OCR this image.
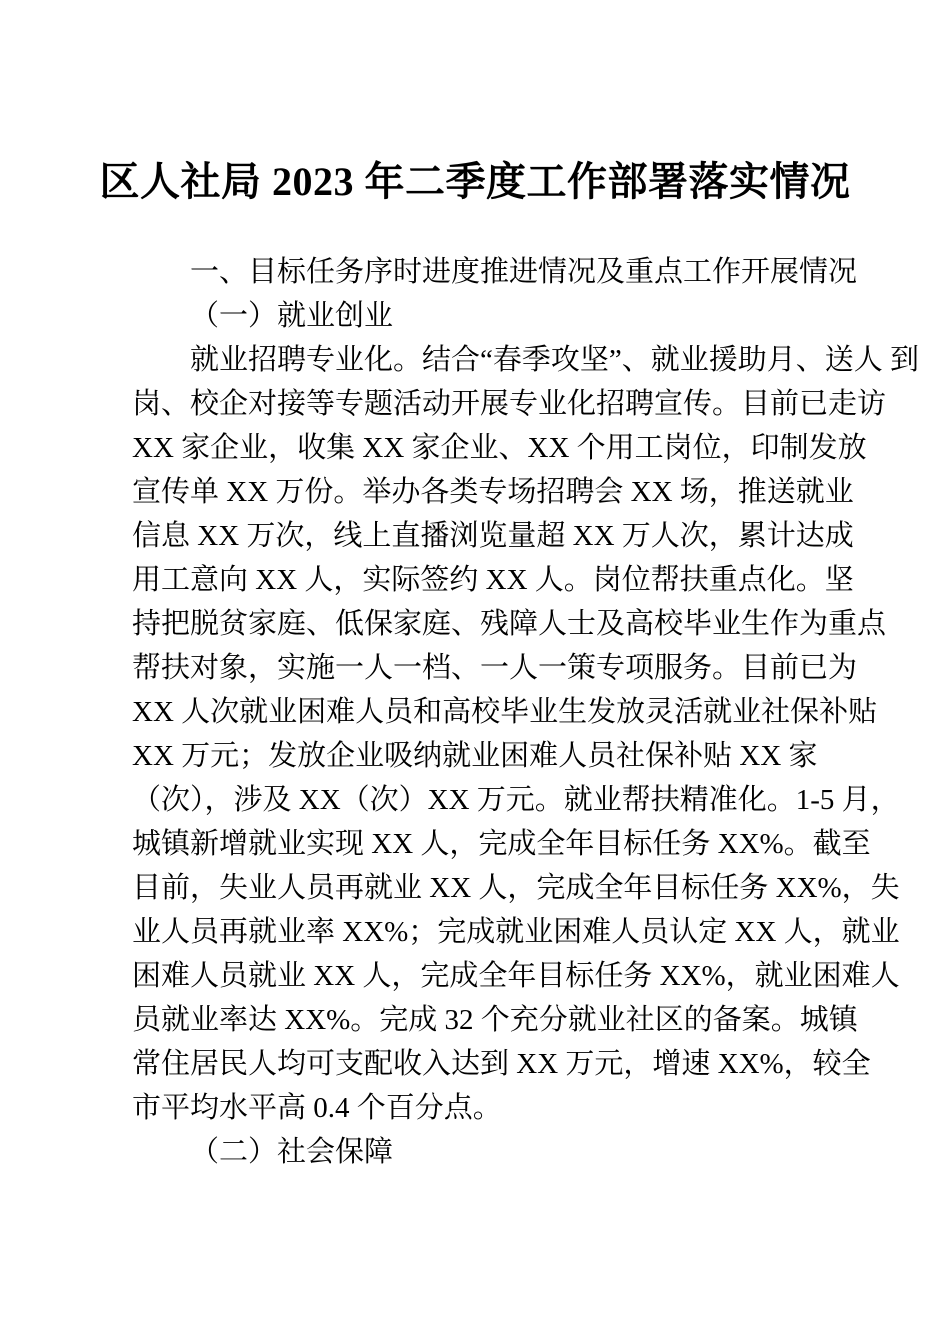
区人社局 2023 年二季度工作部署落实情况
一、目标任务序时进度推进情况及重点工作开展情况
（一）就业创业
就业招聘专业化。结合“春季攻坚”、就业援助月、送人 到
岗、校企对接等专题活动开展专业化招聘宣传。目前已走访
XX 家企业，收集 XX 家企业、XX 个用工岗位，印制发放
宣传单 XX 万份。举办各类专场招聘会 XX 场，推送就业
信息 XX 万次，线上直播浏览量超 XX 万人次，累计达成
用工意向 XX 人，实际签约 XX 人。岗位帮扶重点化。坚
持把脱贫家庭、低保家庭、残障人士及高校毕业生作为重点
帮扶对象，实施一人一档、一人一策专项服务。目前已为
XX 人次就业困难人员和高校毕业生发放灵活就业社保补贴
XX 万元；发放企业吸纳就业困难人员社保补贴 XX 家
（次），涉及 XX（次）XX 万元。就业帮扶精准化。1-5 月，
城镇新增就业实现 XX 人，完成全年目标任务 XX%。截至
目前，失业人员再就业 XX 人，完成全年目标任务 XX%，失
业人员再就业率 XX%；完成就业困难人员认定 XX 人，就业
困难人员就业 XX 人，完成全年目标任务 XX%，就业困难人
员就业率达 XX%。完成 32 个充分就业社区的备案。城镇
常住居民人均可支配收入达到 XX 万元，增速 XX%，较全
市平均水平高 0.4 个百分点。
（二）社会保障
